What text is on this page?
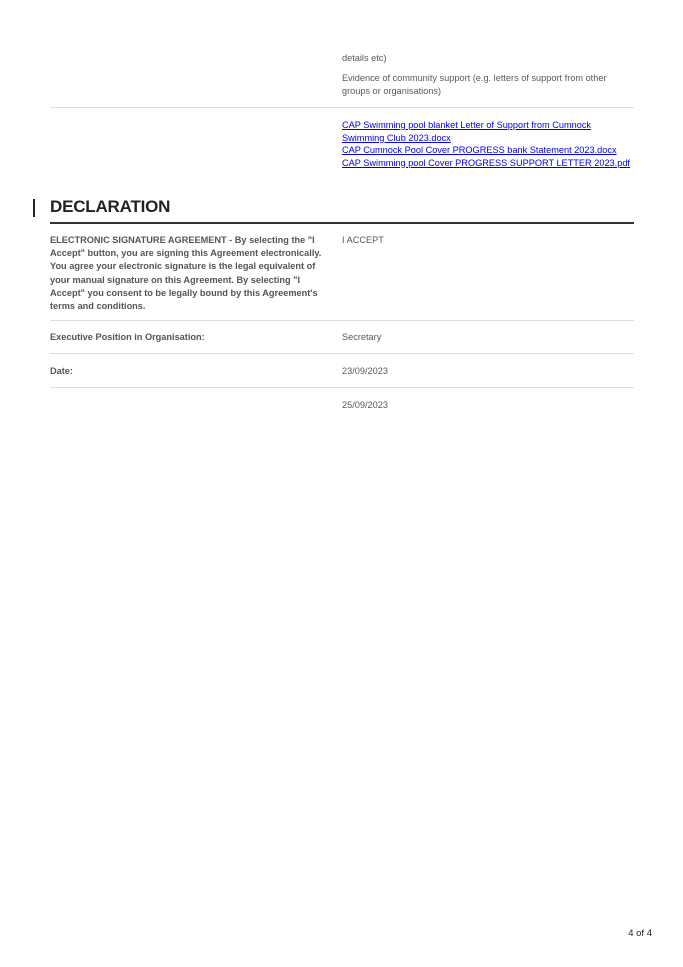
details etc)
Evidence of community support (e.g. letters of support from other groups or organisations)
CAP Swimming pool blanket Letter of Support from Cumnock Swimming Club 2023.docx
CAP Cumnock Pool Cover PROGRESS bank Statement 2023.docx
CAP Swimming pool Cover PROGRESS SUPPORT LETTER 2023.pdf
DECLARATION
ELECTRONIC SIGNATURE AGREEMENT - By selecting the "I Accept" button, you are signing this Agreement electronically. You agree your electronic signature is the legal equivalent of your manual signature on this Agreement. By selecting "I Accept" you consent to be legally bound by this Agreement's terms and conditions.
I ACCEPT
Executive Position in Organisation:	Secretary
Date:	23/09/2023
25/09/2023
4 of 4
